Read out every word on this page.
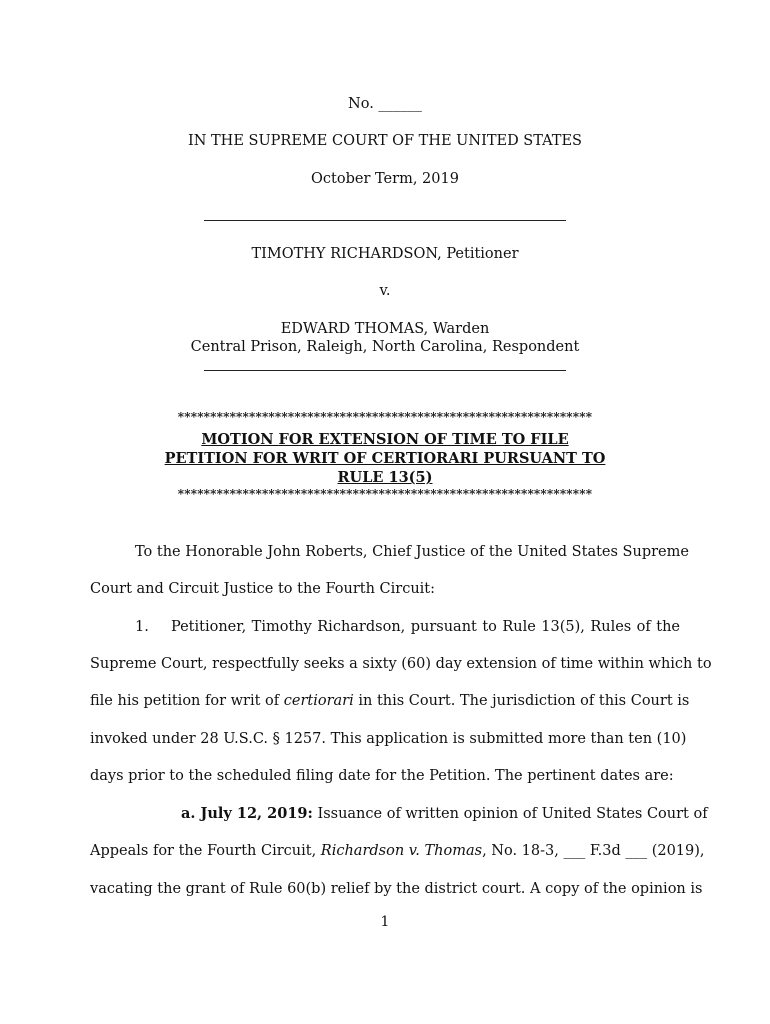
No. ______
IN THE SUPREME COURT OF THE UNITED STATES
October Term, 2019
TIMOTHY RICHARDSON, Petitioner
v.
EDWARD THOMAS, Warden
Central Prison, Raleigh, North Carolina, Respondent
****************************************************************
MOTION FOR EXTENSION OF TIME TO FILE
PETITION FOR WRIT OF CERTIORARI PURSUANT TO
RULE 13(5)
****************************************************************
To the Honorable John Roberts, Chief Justice of the United States Supreme
Court and Circuit Justice to the Fourth Circuit:
1.	Petitioner, Timothy Richardson, pursuant to Rule 13(5), Rules of the
Supreme Court, respectfully seeks a sixty (60) day extension of time within which to
file his petition for writ of certiorari in this Court. The jurisdiction of this Court is
invoked under 28 U.S.C. § 1257. This application is submitted more than ten (10)
days prior to the scheduled filing date for the Petition. The pertinent dates are:
a. July 12, 2019: Issuance of written opinion of United States Court of
Appeals for the Fourth Circuit, Richardson v. Thomas, No. 18-3, ___ F.3d ___ (2019),
vacating the grant of Rule 60(b) relief by the district court. A copy of the opinion is
1
